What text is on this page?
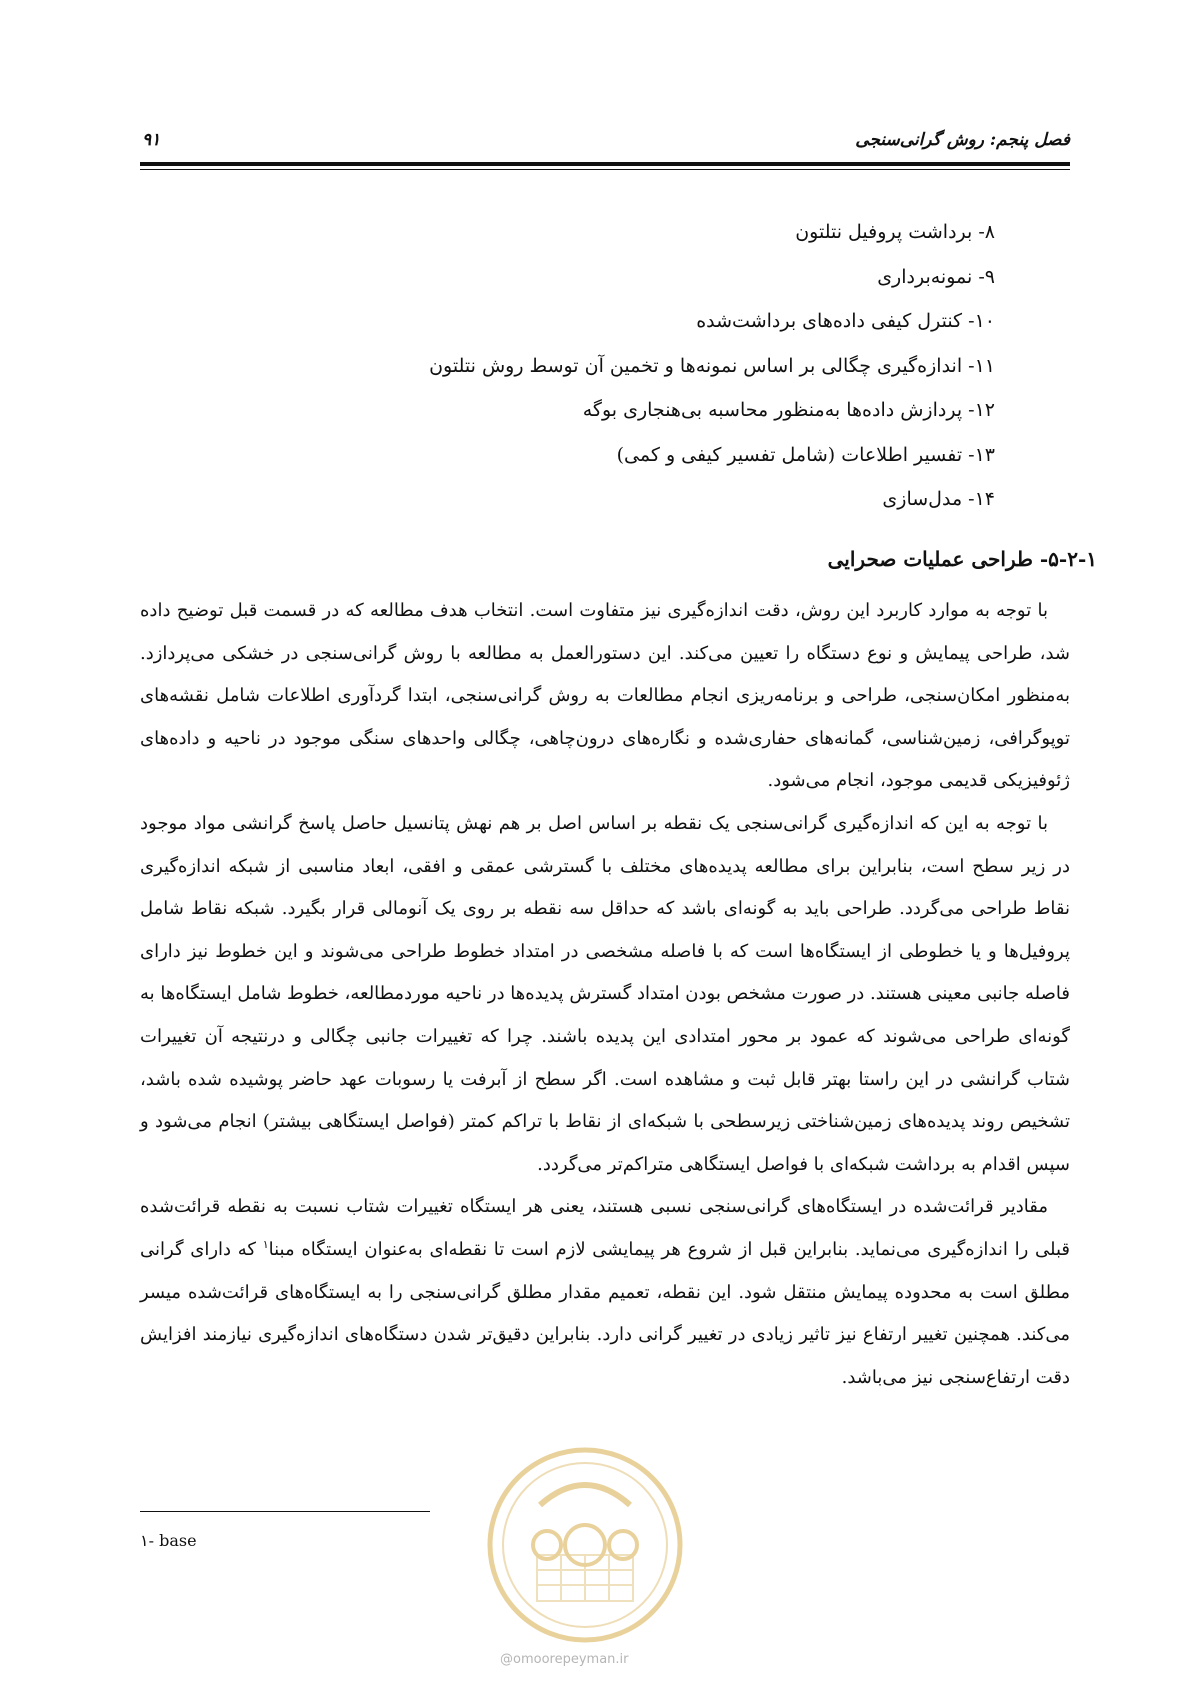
فصل پنجم: روش گرانی‌سنجی
۹۱
۸- برداشت پروفیل نتلتون
۹- نمونه‌برداری
۱۰- کنترل کیفی داده‌های برداشت‌شده
۱۱- اندازه‌گیری چگالی بر اساس نمونه‌ها و تخمین آن توسط روش نتلتون
۱۲- پردازش داده‌ها به‌منظور محاسبه بی‌هنجاری بوگه
۱۳- تفسیر اطلاعات (شامل تفسیر کیفی و کمی)
۱۴- مدل‌سازی
۵-۲-۱- طراحی عملیات صحرایی

با توجه به موارد کاربرد این روش، دقت اندازه‌گیری نیز متفاوت است. انتخاب هدف مطالعه که در قسمت قبل توضیح داده شد، طراحی پیمایش و نوع دستگاه را تعیین می‌کند. این دستورالعمل به مطالعه با روش گرانی‌سنجی در خشکی می‌پردازد. به‌منظور امکان‌سنجی، طراحی و برنامه‌ریزی انجام مطالعات به روش گرانی‌سنجی، ابتدا گردآوری اطلاعات شامل نقشه‌های توپوگرافی، زمین‌شناسی، گمانه‌های حفاری‌شده و نگاره‌های درون‌چاهی، چگالی واحدهای سنگی موجود در ناحیه و داده‌های ژئوفیزیکی قدیمی موجود، انجام می‌شود.

با توجه به این که اندازه‌گیری گرانی‌سنجی یک نقطه بر اساس اصل بر هم نهش پتانسیل حاصل پاسخ گرانشی مواد موجود در زیر سطح است، بنابراین برای مطالعه پدیده‌های مختلف با گسترشی عمقی و افقی، ابعاد مناسبی از شبکه اندازه‌گیری نقاط طراحی می‌گردد. طراحی باید به گونه‌ای باشد که حداقل سه نقطه بر روی یک آنومالی قرار بگیرد. شبکه نقاط شامل پروفیل‌ها و یا خطوطی از ایستگاه‌ها است که با فاصله مشخصی در امتداد خطوط طراحی می‌شوند و این خطوط نیز دارای فاصله جانبی معینی هستند. در صورت مشخص بودن امتداد گسترش پدیده‌ها در ناحیه موردمطالعه، خطوط شامل ایستگاه‌ها به گونه‌ای طراحی می‌شوند که عمود بر محور امتدادی این پدیده باشند. چرا که تغییرات جانبی چگالی و درنتیجه آن تغییرات شتاب گرانشی در این راستا بهتر قابل ثبت و مشاهده است. اگر سطح از آبرفت یا رسوبات عهد حاضر پوشیده شده باشد، تشخیص روند پدیده‌های زمین‌شناختی زیرسطحی با شبکه‌ای از نقاط با تراکم کمتر (فواصل ایستگاهی بیشتر) انجام می‌شود و سپس اقدام به برداشت شبکه‌ای با فواصل ایستگاهی متراکم‌تر می‌گردد.

مقادیر قرائت‌شده در ایستگاه‌های گرانی‌سنجی نسبی هستند، یعنی هر ایستگاه تغییرات شتاب نسبت به نقطه قرائت‌شده قبلی را اندازه‌گیری می‌نماید. بنابراین قبل از شروع هر پیمایشی لازم است تا نقطه‌ای به‌عنوان ایستگاه مبنا$^۱$ که دارای گرانی مطلق است به محدوده پیمایش منتقل شود. این نقطه، تعمیم مقدار مطلق گرانی‌سنجی را به ایستگاه‌های قرائت‌شده میسر می‌کند. همچنین تغییر ارتفاع نیز تاثیر زیادی در تغییر گرانی دارد. بنابراین دقیق‌تر شدن دستگاه‌های اندازه‌گیری نیازمند افزایش دقت ارتفاع‌سنجی نیز می‌باشد.

@omoorepeyman.ir
۱- base
